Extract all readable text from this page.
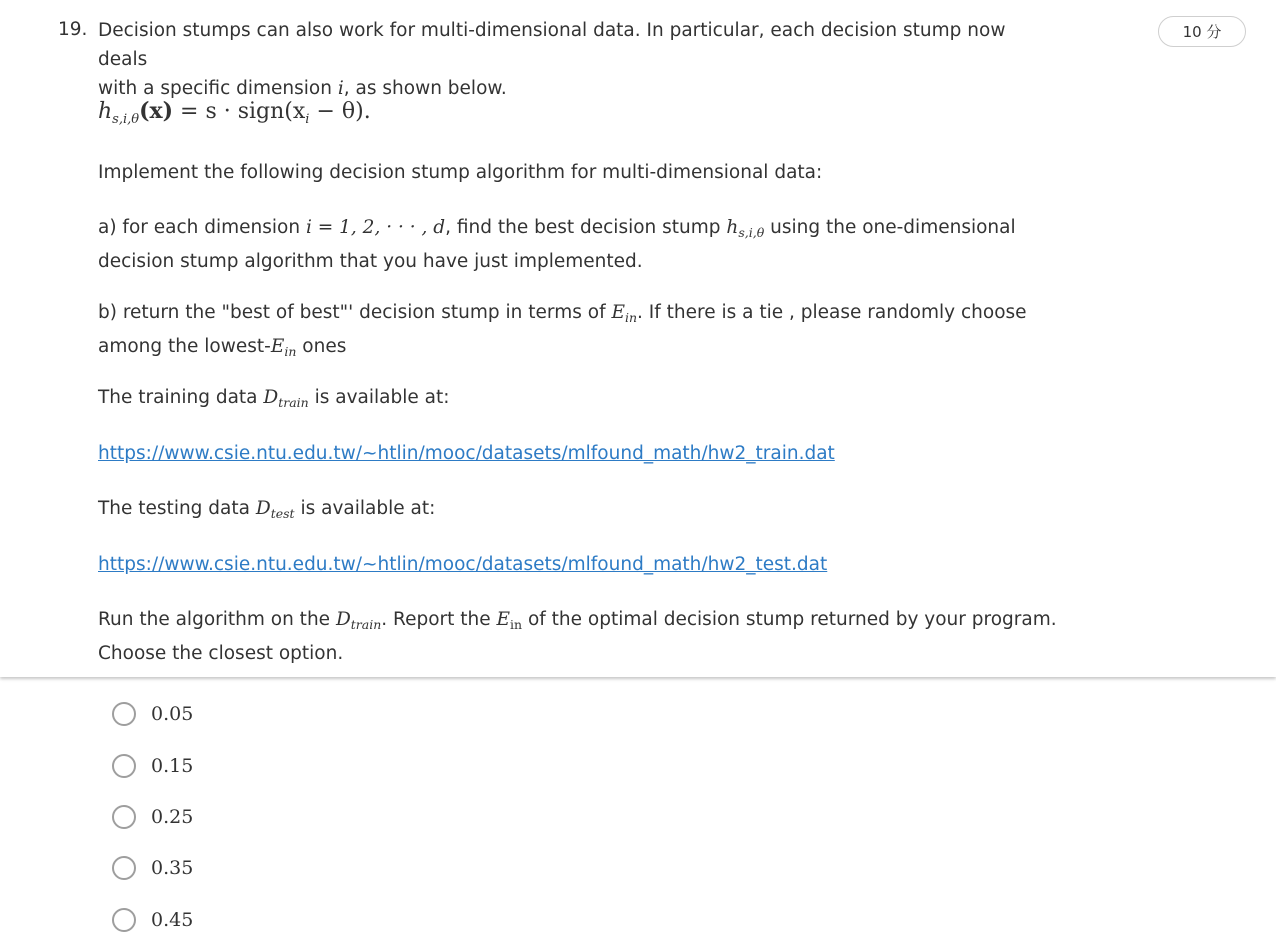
19.	10 分
Decision stumps can also work for multi-dimensional data. In particular, each decision stump now deals
with a specific dimension i, as shown below.
$h_{s,i,\theta}(x) = s$ · $sign(x_i - \theta)$.
Implement the following decision stump algorithm for multi-dimensional data:
a) for each dimension i = 1, 2, · · · , d, find the best decision stump $h_{s,i,\theta}$ using the one-dimensional
decision stump algorithm that you have just implemented.
b) return the "best of best"' decision stump in terms of $E_{in}$. If there is a tie , please randomly choose
among the lowest-$E_{in}$ ones
The training data $D_{train}$ is available at:
https://www.csie.ntu.edu.tw/~htlin/mooc/datasets/mlfound_math/hw2_train.dat
The testing data $D_{test}$ is available at:
https://www.csie.ntu.edu.tw/~htlin/mooc/datasets/mlfound_math/hw2_test.dat
Run the algorithm on the $D_{train}$. Report the $E_{in}$ of the optimal decision stump returned by your program.
Choose the closest option.
0.05
0.15
0.25
0.35
0.45
